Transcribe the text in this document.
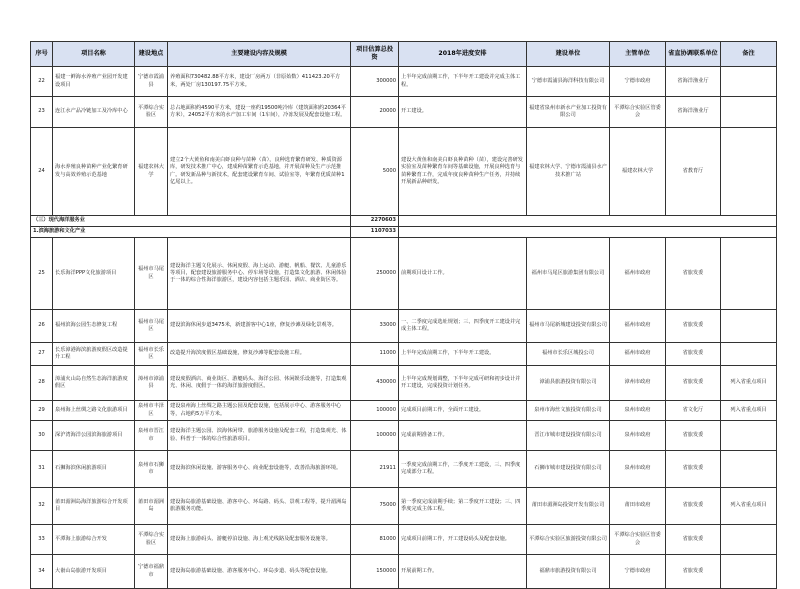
序号	项目名称	建设地点	主要建设内容及规模	项目估算总投资	2018年进度安排	建设单位	主管单位	省直协调联系单位	备注
22	福建一鲜海水养殖产业园开发建设项目	宁德市霞浦县	养殖面积730482.88平方米，建设厂房两万（非原始数）411423.20平方米，两处厂房130197.75平方米。	300000	上半年完成前期工作，下半年开工建设并完成主体工程。	宁德市霞浦县海洋科技有限公司	宁德市政府	省海洋渔业厅	
23	连江水产品冷链加工及冷库中心	平潭综合实验区	总占地面积约4590平方米，建设一座约19500吨冷库（建筑面积约20364平方米），24052平方米的水产加工车间（1车间），冷冻发展及配套设施工程。	20000	开工建设。	福建省泉州市新水产业加工投资有限公司	平潭综合实验区管委会	省海洋渔业厅	
24	海水养殖良种苗种产业化繁育研发与高效养殖示范基地	福建农林大学	建立2个大黄鱼和南美白虾良种与苗种（苗），良种选育繁育研发、种质资源库，研发技术推广中心，建成种苗繁育示范基地，并开展苗种及生产示范推广。研发新品种与新技术，配套建设繁育车间、试验室等，年繁育优质苗种1亿尾以上。	5000	建设大黄鱼和南美白虾良种苗种（苗），建设完善研发实验室及苗种繁育车间等基础设施，开展良种选育与苗种繁育工作，完成年度良种苗种生产任务，并持续开展新品种研发。	福建农林大学、宁德市霞浦县水产技术推广站	福建农林大学	省教育厅	
（三）现代海洋服务业				2270603					
1.滨海旅游和文化产业				1107033					
25	长乐海洋PPP文化旅游项目	福州市马尾区	建设海洋主题文化展示、休闲度假、海上运动、游艇、帆船、餐饮、儿童游乐等项目，配套建设旅游服务中心、停车场等设施，打造集文化旅游、休闲体验于一体的综合性海洋旅游区，建设内容包括主题乐园、酒店、商业街区等。	250000	前期项目设计工作。	福州市马尾区旅游集团有限公司	福州市政府	省旅发委	
26	福州滨海公园生态修复工程	福州市马尾区	建设滨海休闲步道3475米，新建游客中心1座，修复沙滩及绿化景观等。	33000	一、二季度完成选址规划；三、四季度开工建设并完成主体工程。	福州市马尾新城建设投资有限公司	福州市政府	省旅发委	
27	长乐漳港海滨旅游度假区改造提升工程	福州市长乐区	改造提升海滨度假区基础设施，修复沙滩等配套设施工程。	11000	上半年完成前期工作，下半年开工建设。	福州市长乐区城投公司	福州市政府	省旅发委	
28	漳浦火山岛自然生态海洋旅游度假区	漳州市漳浦县	建设度假酒店、商业街区、游艇码头、海洋公园、休闲娱乐设施等，打造集观光、休闲、度假于一体的海洋旅游度假区。	430000	上半年完成规划调整，下半年完成可研和初步设计并开工建设，完成投资计划任务。	漳浦县旅游投资有限公司	漳州市政府	省旅发委	列入省重点项目
29	泉州海上丝绸之路文化旅游项目	泉州市丰泽区	建设泉州海上丝绸之路主题公园及配套设施，包括展示中心、游客服务中心等，占地约5万平方米。	100000	完成项目前期工作，全面开工建设。	泉州市海丝文旅投资有限公司	泉州市政府	省文化厅	列入省重点项目
30	深沪湾海洋公园滨海旅游项目	泉州市晋江市	建设海洋主题公园、滨海休闲带、旅游服务设施及配套工程，打造集观光、体验、科普于一体的综合性旅游项目。	100000	完成前期准备工作。	晋江市城市建设投资有限公司	泉州市政府	省旅发委	
31	石狮海滨休闲旅游项目	泉州市石狮市	建设海滨休闲设施、游客服务中心、商业配套设施等，改善沿海旅游环境。	21911	一季度完成前期工作，二季度开工建设，三、四季度完成部分工程。	石狮市城市建设投资有限公司	泉州市政府	省旅发委	
32	莆田湄洲岛海洋旅游综合开发项目	莆田市湄洲岛	建设海岛旅游基础设施、游客中心、环岛路、码头、景观工程等，提升湄洲岛旅游服务功能。	75000	第一季度完成前期手续；第二季度开工建设；三、四季度完成主体工程。	莆田市湄洲岛投资开发有限公司	莆田市政府	省旅发委	列入省重点项目
33	平潭海上旅游综合开发	平潭综合实验区	建设海上旅游码头、游艇停泊设施、海上观光线路及配套服务设施等。	81000	完成项目前期工作，开工建设码头及配套设施。	平潭综合实验区旅游投资有限公司	平潭综合实验区管委会	省旅发委	
34	大嵛山岛旅游开发项目	宁德市福鼎市	建设海岛旅游基础设施、游客服务中心、环岛步道、码头等配套设施。	150000	开展前期工作。	福鼎市旅游投资有限公司	宁德市政府	省旅发委	
